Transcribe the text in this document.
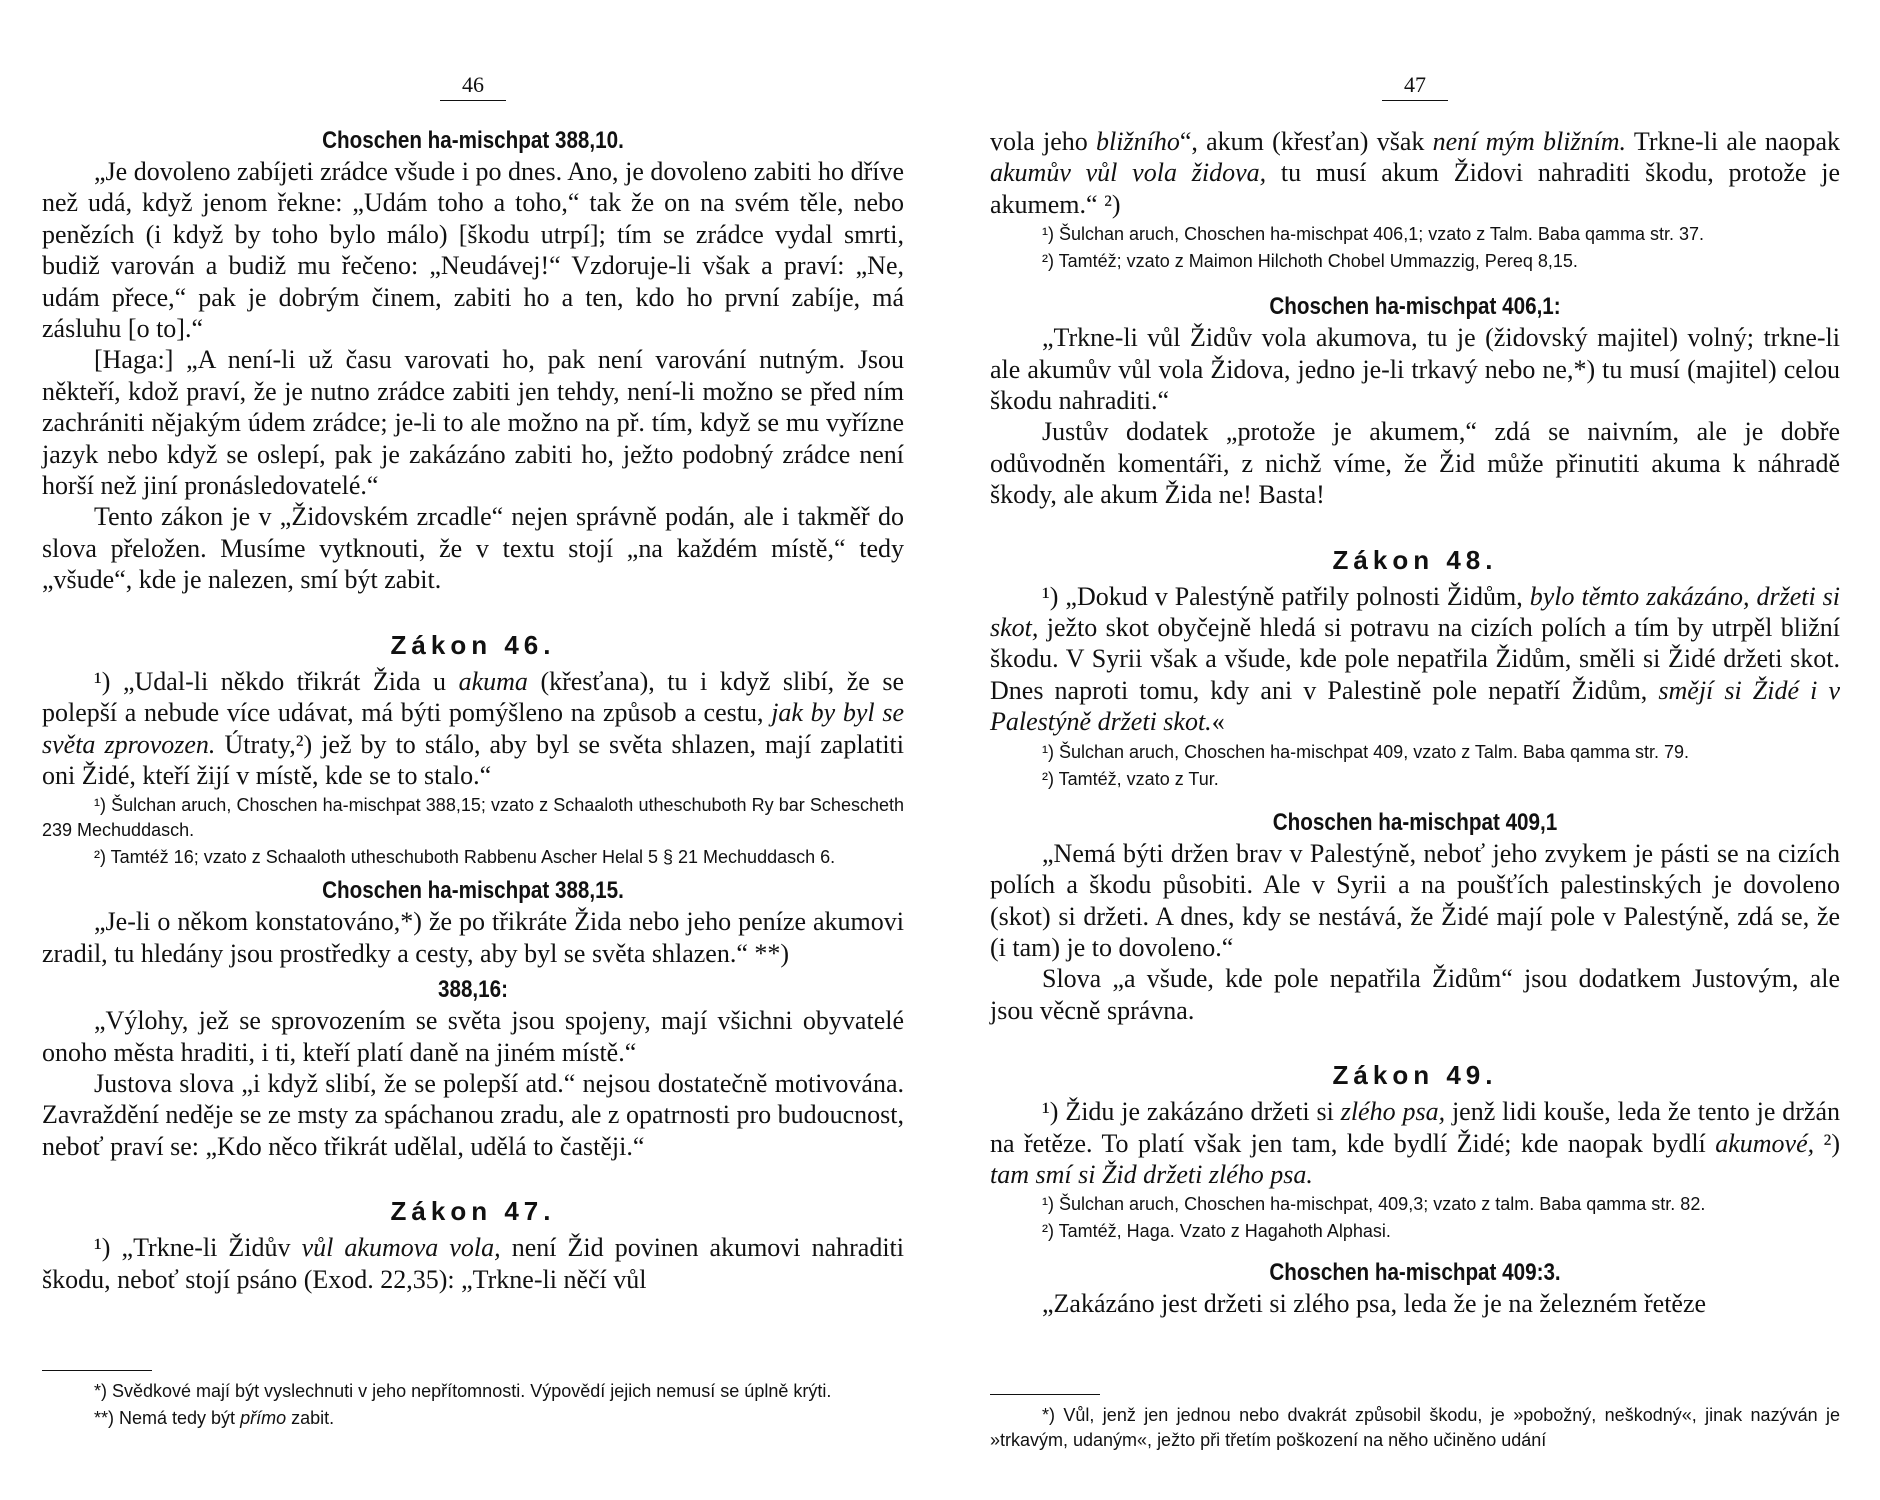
46
Choschen ha-mischpat 388,10.

„Je dovoleno zabíjeti zrádce všude i po dnes. Ano, je dovoleno zabiti ho dříve než udá, když jenom řekne: „Udám toho a toho,“ tak že on na svém těle, nebo penězích (i když by toho bylo málo) [škodu utrpí]; tím se zrádce vydal smrti, budiž varován a budiž mu řečeno: „Neudávej!“ Vzdoruje-li však a praví: „Ne, udám přece,“ pak je dobrým činem, zabiti ho a ten, kdo ho první zabíje, má zásluhu [o to].“

[Haga:] „A není-li už času varovati ho, pak není varování nutným. Jsou někteří, kdož praví, že je nutno zrádce zabiti jen tehdy, není-li možno se před ním zachrániti nějakým údem zrádce; je-li to ale možno na př. tím, když se mu vyřízne jazyk nebo když se oslepí, pak je zakázáno zabiti ho, ježto podobný zrádce není horší než jiní pronásledovatelé.“

Tento zákon je v „Židovském zrcadle“ nejen správně podán, ale i takměř do slova přeložen. Musíme vytknouti, že v textu stojí „na každém místě,“ tedy „všude“, kde je nalezen, smí být zabit.

Zákon 46.

¹) „Udal-li někdo třikrát Žida u akuma (křesťana), tu i když slibí, že se polepší a nebude více udávat, má býti pomýšleno na způsob a cestu, jak by byl se světa zprovozen. Útraty,²) jež by to stálo, aby byl se světa shlazen, mají zaplatiti oni Židé, kteří žijí v místě, kde se to stalo.“

¹) Šulchan aruch, Choschen ha-mischpat 388,15; vzato z Schaaloth utheschuboth Ry bar Schescheth 239 Mechuddasch.

²) Tamtéž 16; vzato z Schaaloth utheschuboth Rabbenu Ascher Helal 5 § 21 Mechuddasch 6.

Choschen ha-mischpat 388,15.

„Je-li o někom konstatováno,*) že po třikráte Žida nebo jeho peníze akumovi zradil, tu hledány jsou prostředky a cesty, aby byl se světa shlazen.“ **)

388,16:

„Výlohy, jež se sprovozením se světa jsou spojeny, mají všichni obyvatelé onoho města hraditi, i ti, kteří platí daně na jiném místě.“

Justova slova „i když slibí, že se polepší atd.“ nejsou dostatečně motivována. Zavraždění neděje se ze msty za spáchanou zradu, ale z opatrnosti pro budoucnost, neboť praví se: „Kdo něco třikrát udělal, udělá to častěji.“

Zákon 47.

¹) „Trkne-li Židův vůl akumova vola, není Žid povinen akumovi nahraditi škodu, neboť stojí psáno (Exod. 22,35): „Trkne-li něčí vůl

*) Svědkové mají být vyslechnuti v jeho nepřítomnosti. Výpovědí jejich nemusí se úplně krýti.

**) Nemá tedy být přímo zabit.

47

vola jeho bližního“, akum (křesťan) však není mým bližním. Trkne-li ale naopak akumův vůl vola židova, tu musí akum Židovi nahraditi škodu, protože je akumem.“ ²)

¹) Šulchan aruch, Choschen ha-mischpat 406,1; vzato z Talm. Baba qamma str. 37.

²) Tamtéž; vzato z Maimon Hilchoth Chobel Ummazzig, Pereq 8,15.

Choschen ha-mischpat 406,1:

„Trkne-li vůl Židův vola akumova, tu je (židovský majitel) volný; trkne-li ale akumův vůl vola Židova, jedno je-li trkavý nebo ne,*) tu musí (majitel) celou škodu nahraditi.“

Justův dodatek „protože je akumem,“ zdá se naivním, ale je dobře odůvodněn komentáři, z nichž víme, že Žid může přinutiti akuma k náhradě škody, ale akum Žida ne! Basta!

Zákon 48.

¹) „Dokud v Palestýně patřily polnosti Židům, bylo těmto zakázáno, držeti si skot, ježto skot obyčejně hledá si potravu na cizích polích a tím by utrpěl bližní škodu. V Syrii však a všude, kde pole nepatřila Židům, směli si Židé držeti skot. Dnes naproti tomu, kdy ani v Palestině pole nepatří Židům, smějí si Židé i v Palestýně držeti skot.«

¹) Šulchan aruch, Choschen ha-mischpat 409, vzato z Talm. Baba qamma str. 79.

²) Tamtéž, vzato z Tur.

Choschen ha-mischpat 409,1

„Nemá býti držen brav v Palestýně, neboť jeho zvykem je pásti se na cizích polích a škodu působiti. Ale v Syrii a na poušťích palestinských je dovoleno (skot) si držeti. A dnes, kdy se nestává, že Židé mají pole v Palestýně, zdá se, že (i tam) je to dovoleno.“

Slova „a všude, kde pole nepatřila Židům“ jsou dodatkem Justovým, ale jsou věcně správna.

Zákon 49.

¹) Židu je zakázáno držeti si zlého psa, jenž lidi kouše, leda že tento je držán na řetěze. To platí však jen tam, kde bydlí Židé; kde naopak bydlí akumové, ²) tam smí si Žid držeti zlého psa.

¹) Šulchan aruch, Choschen ha-mischpat, 409,3; vzato z talm. Baba qamma str. 82.

²) Tamtéž, Haga. Vzato z Hagahoth Alphasi.

Choschen ha-mischpat 409:3.

„Zakázáno jest držeti si zlého psa, leda že je na železném řetěze

*) Vůl, jenž jen jednou nebo dvakrát způsobil škodu, je »pobožný, neškodný«, jinak nazýván je »trkavým, udaným«, ježto při třetím poškození na něho učiněno udání
